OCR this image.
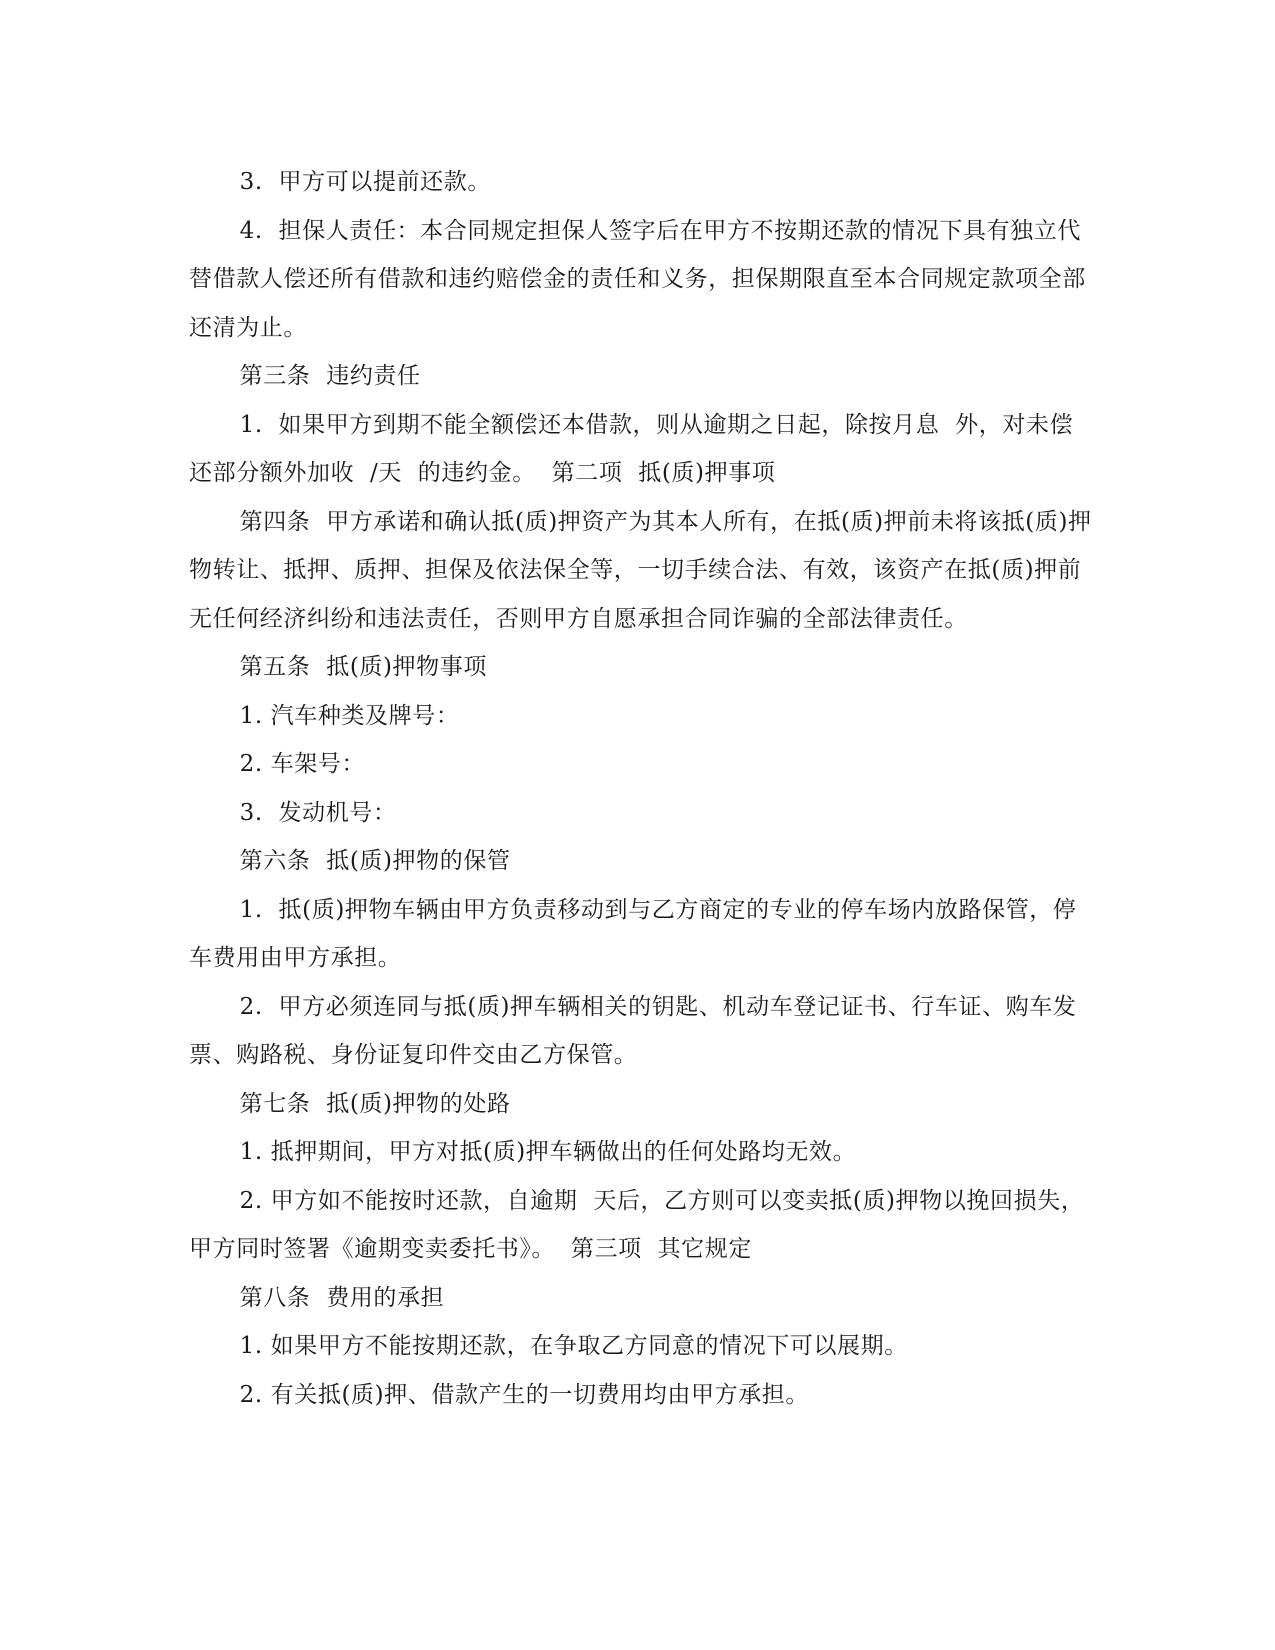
3.  甲方可以提前还款。

4.  担保人责任：本合同规定担保人签字后在甲方不按期还款的情况下具有独立代替借款人偿还所有借款和违约赔偿金的责任和义务，担保期限直至本合同规定款项全部还清为止。

第三条  违约责任

1.  如果甲方到期不能全额偿还本借款，则从逾期之日起，除按月息  外，对未偿还部分额外加收  /天  的违约金。  第二项  抵(质)押事项

第四条  甲方承诺和确认抵(质)押资产为其本人所有，在抵(质)押前未将该抵(质)押物转让、抵押、质押、担保及依法保全等，一切手续合法、有效，该资产在抵(质)押前无任何经济纠纷和违法责任，否则甲方自愿承担合同诈骗的全部法律责任。

第五条  抵(质)押物事项

1. 汽车种类及牌号：

2. 车架号：

3.  发动机号：

第六条  抵(质)押物的保管

1.  抵(质)押物车辆由甲方负责移动到与乙方商定的专业的停车场内放路保管，停车费用由甲方承担。

2.  甲方必须连同与抵(质)押车辆相关的钥匙、机动车登记证书、行车证、购车发票、购路税、身份证复印件交由乙方保管。

第七条  抵(质)押物的处路

1. 抵押期间，甲方对抵(质)押车辆做出的任何处路均无效。

2. 甲方如不能按时还款，自逾期  天后，乙方则可以变卖抵(质)押物以挽回损失，甲方同时签署《逾期变卖委托书》。  第三项  其它规定

第八条  费用的承担

1. 如果甲方不能按期还款，在争取乙方同意的情况下可以展期。

2. 有关抵(质)押、借款产生的一切费用均由甲方承担。
